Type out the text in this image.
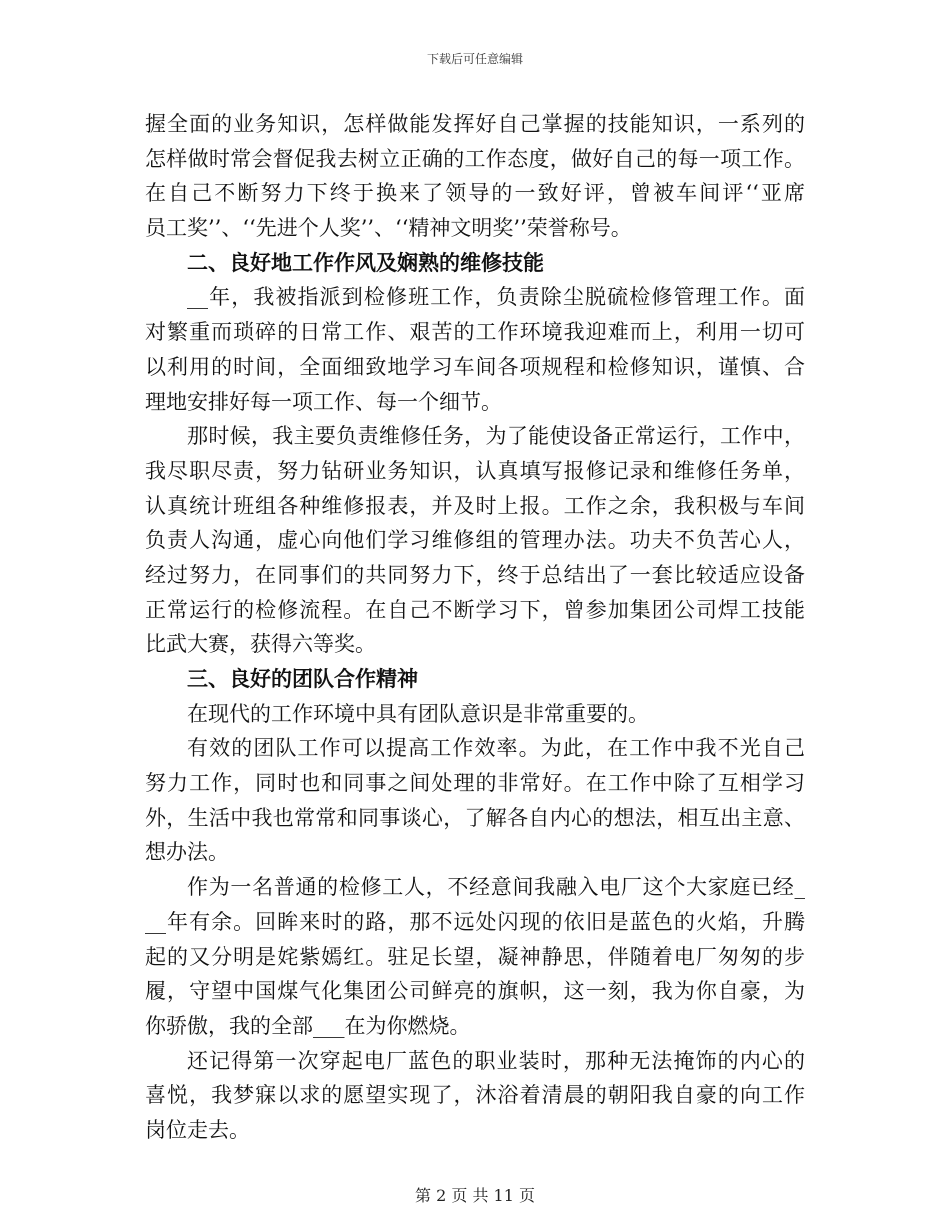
下载后可任意编辑
握全面的业务知识，怎样做能发挥好自己掌握的技能知识，一系列的
怎样做时常会督促我去树立正确的工作态度，做好自己的每一项工作。
在自己不断努力下终于换来了领导的一致好评，曾被车间评‘‘亚席
员工奖’’、‘‘先进个人奖’’、‘‘精神文明奖’’荣誉称号。
二、良好地工作作风及娴熟的维修技能
__年，我被指派到检修班工作，负责除尘脱硫检修管理工作。面
对繁重而琐碎的日常工作、艰苦的工作环境我迎难而上，利用一切可
以利用的时间，全面细致地学习车间各项规程和检修知识，谨慎、合
理地安排好每一项工作、每一个细节。
那时候，我主要负责维修任务，为了能使设备正常运行，工作中，
我尽职尽责，努力钻研业务知识，认真填写报修记录和维修任务单，
认真统计班组各种维修报表，并及时上报。工作之余，我积极与车间
负责人沟通，虚心向他们学习维修组的管理办法。功夫不负苦心人，
经过努力，在同事们的共同努力下，终于总结出了一套比较适应设备
正常运行的检修流程。在自己不断学习下，曾参加集团公司焊工技能
比武大赛，获得六等奖。
三、良好的团队合作精神
在现代的工作环境中具有团队意识是非常重要的。
有效的团队工作可以提高工作效率。为此，在工作中我不光自己
努力工作，同时也和同事之间处理的非常好。在工作中除了互相学习
外，生活中我也常常和同事谈心，了解各自内心的想法，相互出主意、
想办法。
作为一名普通的检修工人，不经意间我融入电厂这个大家庭已经_
__年有余。回眸来时的路，那不远处闪现的依旧是蓝色的火焰，升腾
起的又分明是姹紫嫣红。驻足长望，凝神静思，伴随着电厂匆匆的步
履，守望中国煤气化集团公司鲜亮的旗帜，这一刻，我为你自豪，为
你骄傲，我的全部___在为你燃烧。
还记得第一次穿起电厂蓝色的职业装时，那种无法掩饰的内心的
喜悦，我梦寐以求的愿望实现了，沐浴着清晨的朝阳我自豪的向工作
岗位走去。
第 2 页 共 11 页
